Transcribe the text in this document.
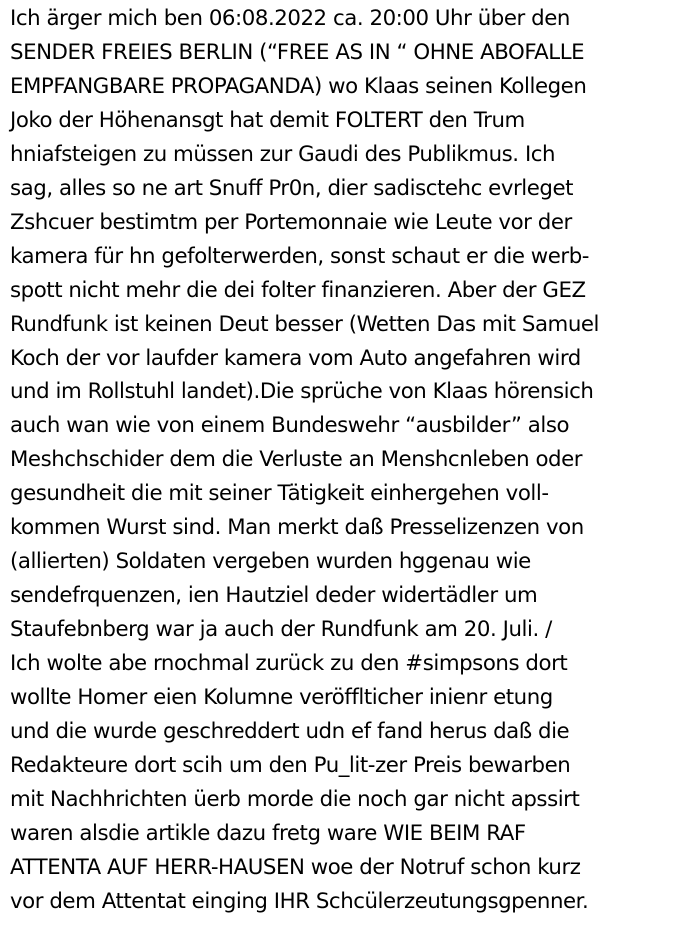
Ich ärger mich ben 06:08.2022 ca. 20:00 Uhr über den
SENDER FREIES BERLIN (“FREE AS IN “ OHNE ABOFALLE
EMPFANGBARE PROPAGANDA) wo Klaas seinen Kollegen
Joko der Höhenansgt hat demit FOLTERT den Trum
hniafsteigen zu müssen zur Gaudi des Publikmus. Ich
sag, alles so ne art Snuff Pr0n, dier sadisctehc evrleget
Zshcuer bestimtm per Portemonnaie wie Leute vor der
kamera für hn gefolterwerden, sonst schaut er die werb-
spott nicht mehr die dei folter finanzieren. Aber der GEZ
Rundfunk ist keinen Deut besser (Wetten Das mit Samuel
Koch der vor laufder kamera vom Auto angefahren wird
und im Rollstuhl landet).Die sprüche von Klaas hörensich
auch wan wie von einem Bundeswehr “ausbilder” also
Meshchschider dem die Verluste an Menshcnleben oder
gesundheit die mit seiner Tätigkeit einhergehen voll-
kommen Wurst sind. Man merkt daß Presselizenzen von
(allierten) Soldaten vergeben wurden hggenau wie
sendefrquenzen, ien Hautziel deder widertädler um
Staufebnberg war ja auch der Rundfunk am 20. Juli. /
Ich wolte abe rnochmal zurück zu den #simpsons dort
wollte Homer eien Kolumne veröfflticher inienr etung
und die wurde geschreddert udn ef fand herus daß die
Redakteure dort scih um den Pu_lit-zer Preis bewarben
mit Nachhrichten üerb morde die noch gar nicht apssirt
waren alsdie artikle dazu fretg ware WIE BEIM RAF
ATTENTA AUF HERR-HAUSEN woe der Notruf schon kurz
vor dem Attentat einging IHR Schcülerzeutungsgpenner.
